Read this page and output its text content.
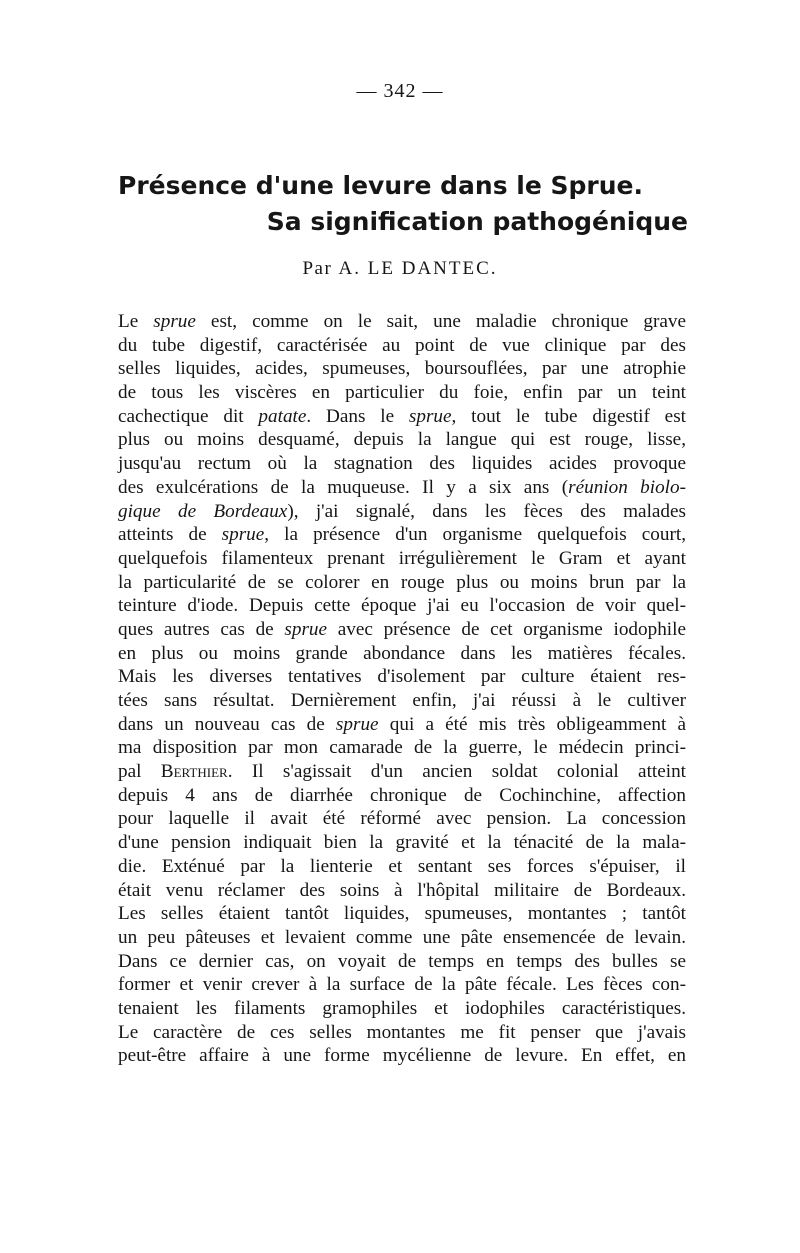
— 342 —
Présence d'une levure dans le Sprue.
Sa signification pathogénique
Par A. LE DANTEC.
Le sprue est, comme on le sait, une maladie chronique grave
du tube digestif, caractérisée au point de vue clinique par des
selles liquides, acides, spumeuses, boursouflées, par une atrophie
de tous les viscères en particulier du foie, enfin par un teint
cachectique dit patate. Dans le sprue, tout le tube digestif est
plus ou moins desquamé, depuis la langue qui est rouge, lisse,
jusqu'au rectum où la stagnation des liquides acides provoque
des exulcérations de la muqueuse. Il y a six ans (réunion biolo-
gique de Bordeaux), j'ai signalé, dans les fèces des malades
atteints de sprue, la présence d'un organisme quelquefois court,
quelquefois filamenteux prenant irrégulièrement le Gram et ayant
la particularité de se colorer en rouge plus ou moins brun par la
teinture d'iode. Depuis cette époque j'ai eu l'occasion de voir quel-
ques autres cas de sprue avec présence de cet organisme iodophile
en plus ou moins grande abondance dans les matières fécales.
Mais les diverses tentatives d'isolement par culture étaient res-
tées sans résultat. Dernièrement enfin, j'ai réussi à le cultiver
dans un nouveau cas de sprue qui a été mis très obligeamment à
ma disposition par mon camarade de la guerre, le médecin princi-
pal Berthier. Il s'agissait d'un ancien soldat colonial atteint
depuis 4 ans de diarrhée chronique de Cochinchine, affection
pour laquelle il avait été réformé avec pension. La concession
d'une pension indiquait bien la gravité et la ténacité de la mala-
die. Exténué par la lienterie et sentant ses forces s'épuiser, il
était venu réclamer des soins à l'hôpital militaire de Bordeaux.
Les selles étaient tantôt liquides, spumeuses, montantes ; tantôt
un peu pâteuses et levaient comme une pâte ensemencée de levain.
Dans ce dernier cas, on voyait de temps en temps des bulles se
former et venir crever à la surface de la pâte fécale. Les fèces con-
tenaient les filaments gramophiles et iodophiles caractéristiques.
Le caractère de ces selles montantes me fit penser que j'avais
peut-être affaire à une forme mycélienne de levure. En effet, en
